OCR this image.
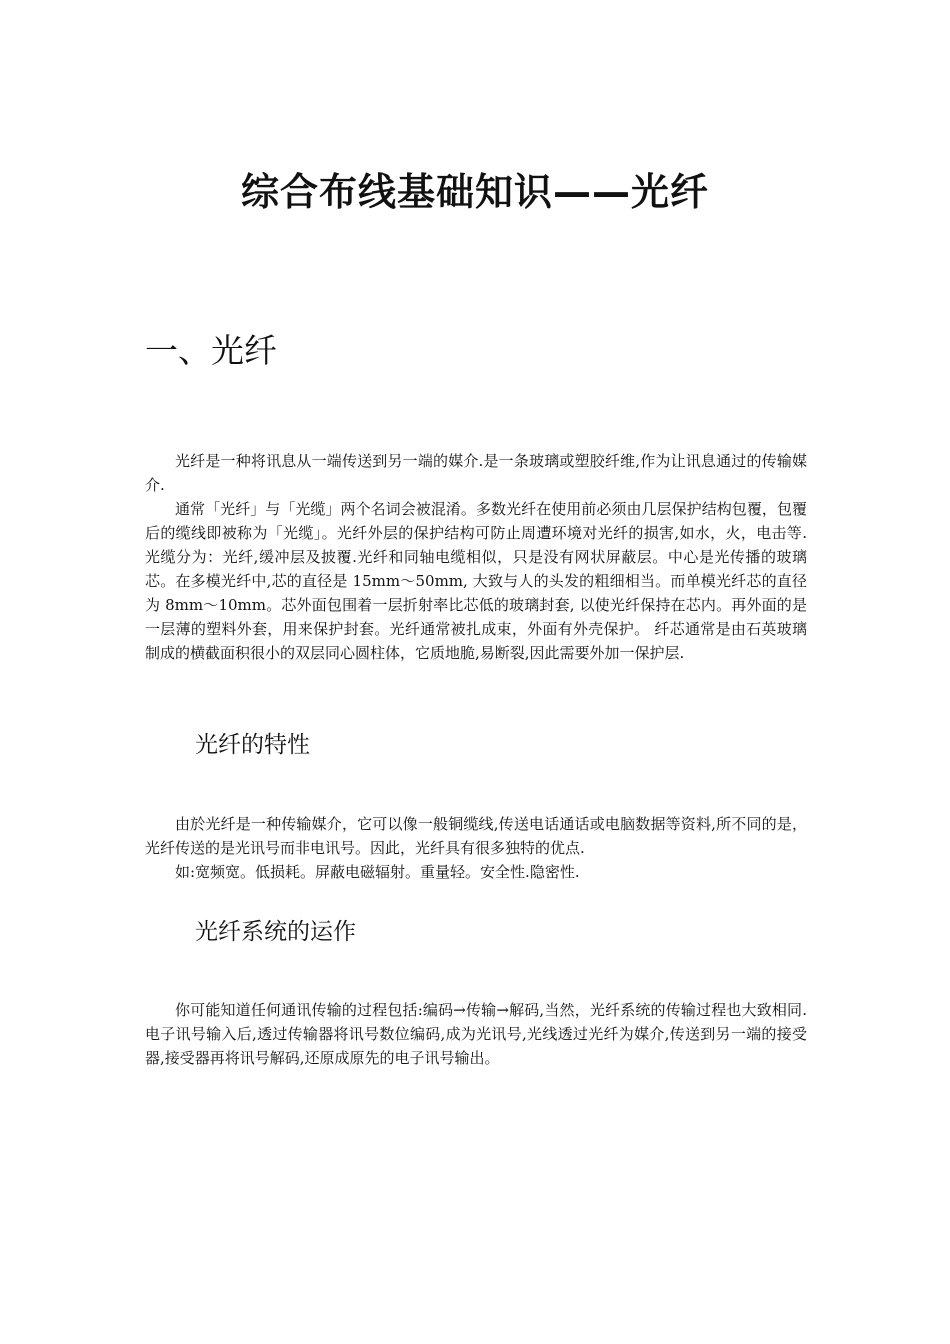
综合布线基础知识——光纤
一、光纤

光纤是一种将讯息从一端传送到另一端的媒介.是一条玻璃或塑胶纤维,作为让讯息通过的传输媒介.

通常「光纤」与「光缆」两个名词会被混淆。多数光纤在使用前必须由几层保护结构包覆，包覆后的缆线即被称为「光缆」。光纤外层的保护结构可防止周遭环境对光纤的损害,如水，火，电击等.光缆分为：光纤,缓冲层及披覆.光纤和同轴电缆相似，只是没有网状屏蔽层。中心是光传播的玻璃芯。在多模光纤中,芯的直径是 15mm～50mm, 大致与人的头发的粗细相当。而单模光纤芯的直径为 8mm～10mm。芯外面包围着一层折射率比芯低的玻璃封套, 以使光纤保持在芯内。再外面的是一层薄的塑料外套，用来保护封套。光纤通常被扎成束，外面有外壳保护。 纤芯通常是由石英玻璃制成的横截面积很小的双层同心圆柱体，它质地脆,易断裂,因此需要外加一保护层.

光纤的特性

由於光纤是一种传输媒介，它可以像一般铜缆线,传送电话通话或电脑数据等资料,所不同的是，光纤传送的是光讯号而非电讯号。因此，光纤具有很多独特的优点.

如:宽频宽。低损耗。屏蔽电磁辐射。重量轻。安全性.隐密性.

光纤系统的运作

你可能知道任何通讯传输的过程包括:编码→传输→解码,当然，光纤系统的传输过程也大致相同.电子讯号输入后,透过传输器将讯号数位编码,成为光讯号,光线透过光纤为媒介,传送到另一端的接受器,接受器再将讯号解码,还原成原先的电子讯号输出。
